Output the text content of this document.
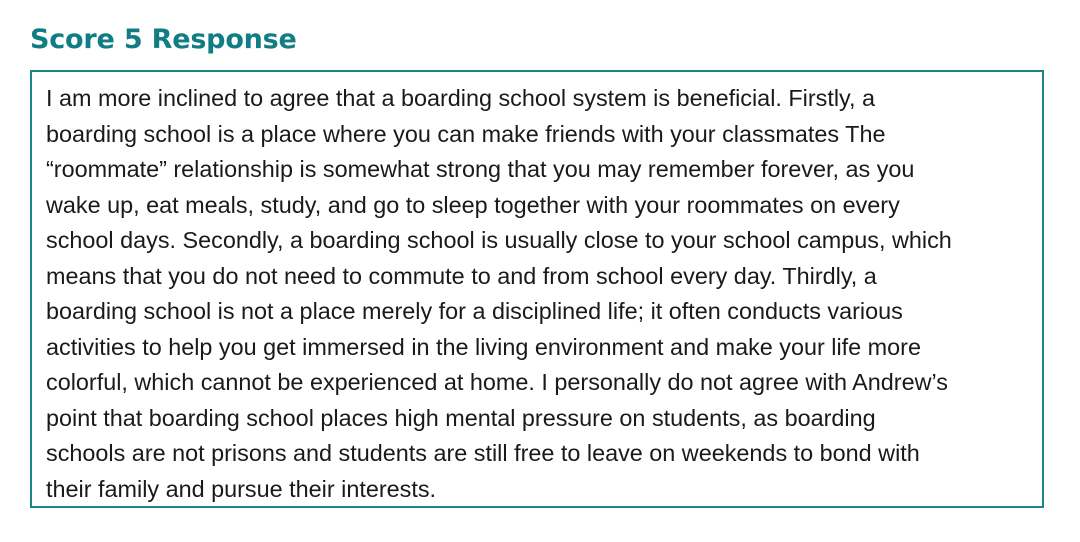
Score 5 Response
I am more inclined to agree that a boarding school system is beneficial. Firstly, a
boarding school is a place where you can make friends with your classmates The
“roommate” relationship is somewhat strong that you may remember forever, as you
wake up, eat meals, study, and go to sleep together with your roommates on every
school days. Secondly, a boarding school is usually close to your school campus, which
means that you do not need to commute to and from school every day. Thirdly, a
boarding school is not a place merely for a disciplined life; it often conducts various
activities to help you get immersed in the living environment and make your life more
colorful, which cannot be experienced at home. I personally do not agree with Andrew’s
point that boarding school places high mental pressure on students, as boarding
schools are not prisons and students are still free to leave on weekends to bond with
their family and pursue their interests.
